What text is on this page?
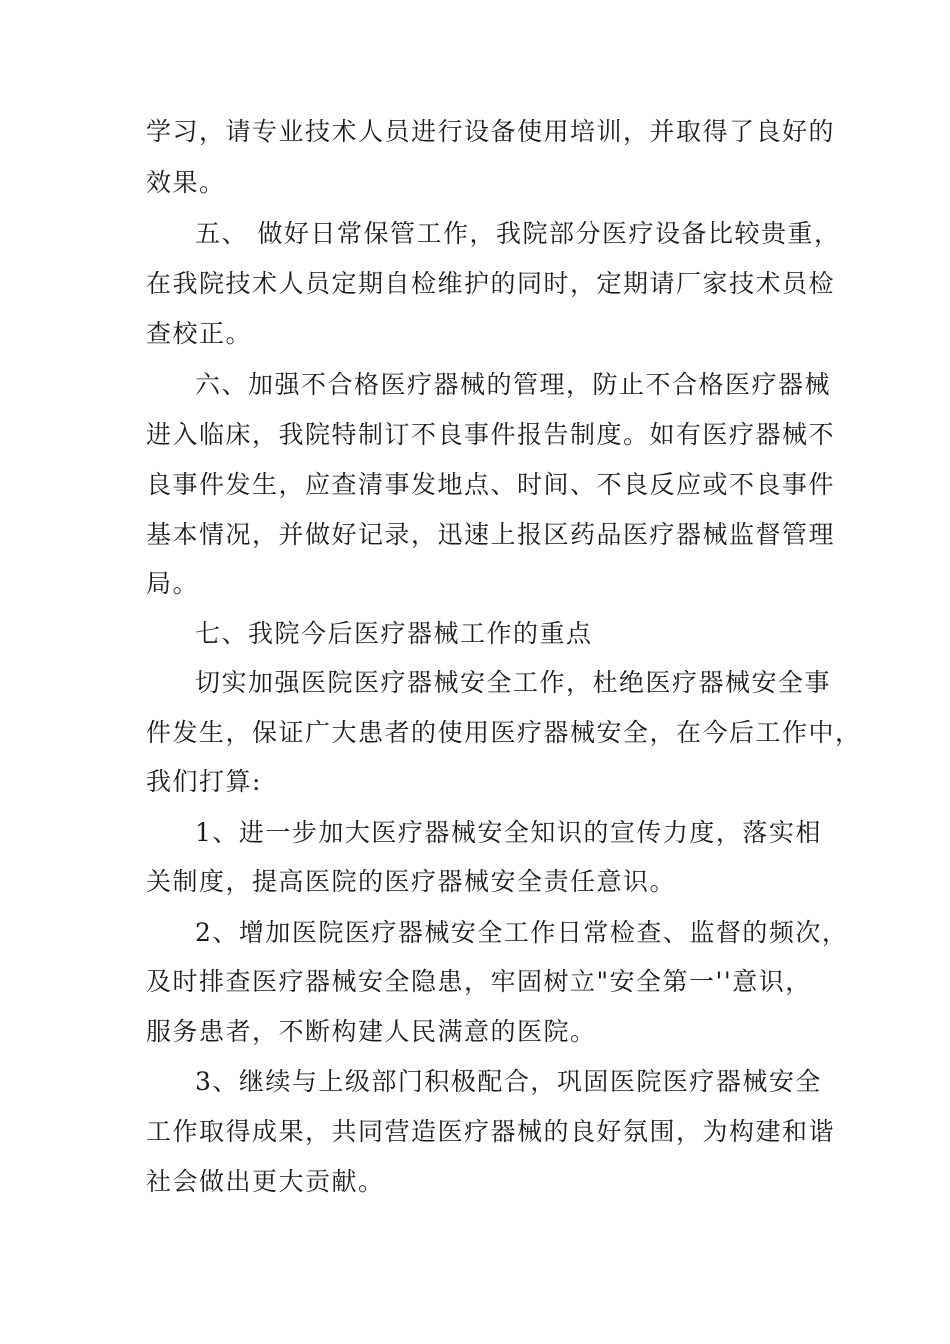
学习，请专业技术人员进行设备使用培训，并取得了良好的
效果。
五、 做好日常保管工作，我院部分医疗设备比较贵重，
在我院技术人员定期自检维护的同时，定期请厂家技术员检
查校正。
六、加强不合格医疗器械的管理，防止不合格医疗器械
进入临床，我院特制订不良事件报告制度。如有医疗器械不
良事件发生，应查清事发地点、时间、不良反应或不良事件
基本情况，并做好记录，迅速上报区药品医疗器械监督管理
局。
七、我院今后医疗器械工作的重点
切实加强医院医疗器械安全工作，杜绝医疗器械安全事
件发生，保证广大患者的使用医疗器械安全，在今后工作中，
我们打算:
1、进一步加大医疗器械安全知识的宣传力度，落实相
关制度，提高医院的医疗器械安全责任意识。
2、增加医院医疗器械安全工作日常检查、监督的频次，
及时排查医疗器械安全隐患，牢固树立"安全第一''意识，
服务患者，不断构建人民满意的医院。
3、继续与上级部门积极配合，巩固医院医疗器械安全
工作取得成果，共同营造医疗器械的良好氛围，为构建和谐
社会做出更大贡献。
